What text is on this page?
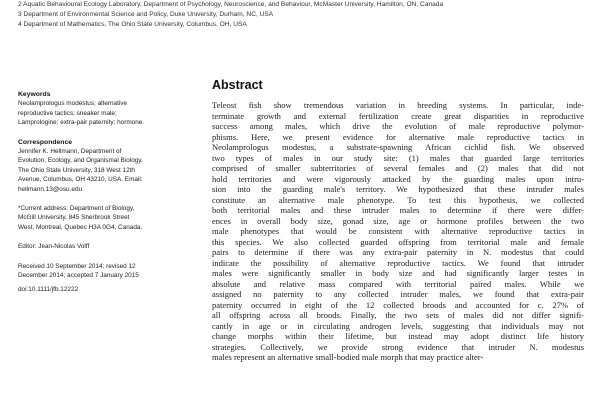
2 Aquatic Behavioural Ecology Laboratory, Department of Psychology, Neuroscience, and Behaviour, McMaster University, Hamilton, ON, Canada
3 Department of Environmental Science and Policy, Duke University, Durham, NC, USA
4 Department of Mathematics, The Ohio State University, Columbus, OH, USA
Keywords

Neolamprologus modestus; alternative

reproductive tactics; sneaker male;

Lamprologine; extra-pair paternity; hormone.

Correspondence

Jennifer K. Hellmann, Department of

Evolution, Ecology, and Organismal Biology,

The Ohio State University, 318 West 12th

Avenue, Columbus, OH 43210, USA. Email:

hellmann.13@osu.edu

*Current address: Department of Biology,

McGill University, 845 Sherbrook Street

West, Montreal, Quebec H3A 0G4, Canada.

Editor: Jean-Nicolas Volff

Received 10 September 2014; revised 12

December 2014; accepted 7 January 2015

doi:10.1111/jfb.12222

Abstract
Teleost fish show tremendous variation in breeding systems. In particular, inde-
terminate growth and external fertilization create great disparities in reproductive
success among males, which drive the evolution of male reproductive polymor-
phisms. Here, we present evidence for alternative male reproductive tactics in
Neolamprologus modestus, a substrate-spawning African cichlid fish. We observed
two types of males in our study site: (1) males that guarded large territories
comprised of smaller subterritories of several females and (2) males that did not
hold territories and were vigorously attacked by the guarding males upon intru-
sion into the guarding male's territory. We hypothesized that these intruder males
constitute an alternative male phenotype. To test this hypothesis, we collected
both territorial males and these intruder males to determine if there were differ-
ences in overall body size, gonad size, age or hormone profiles between the two
male phenotypes that would be consistent with alternative reproductive tactics in
this species. We also collected guarded offspring from territorial male and female
pairs to determine if there was any extra-pair paternity in N. modestus that could
indicate the possibility of alternative reproductive tactics. We found that intruder
males were significantly smaller in body size and had significantly larger testes in
absolute and relative mass compared with territorial paired males. While we
assigned no paternity to any collected intruder males, we found that extra-pair
paternity occurred in eight of the 12 collected broods and accounted for c. 27% of
all offspring across all broods. Finally, the two sets of males did not differ signifi-
cantly in age or in circulating androgen levels, suggesting that individuals may not
change morphs within their lifetime, but instead may adopt distinct life history
strategies. Collectively, we provide strong evidence that intruder N. modestus
males represent an alternative small-bodied male morph that may practice alter-
